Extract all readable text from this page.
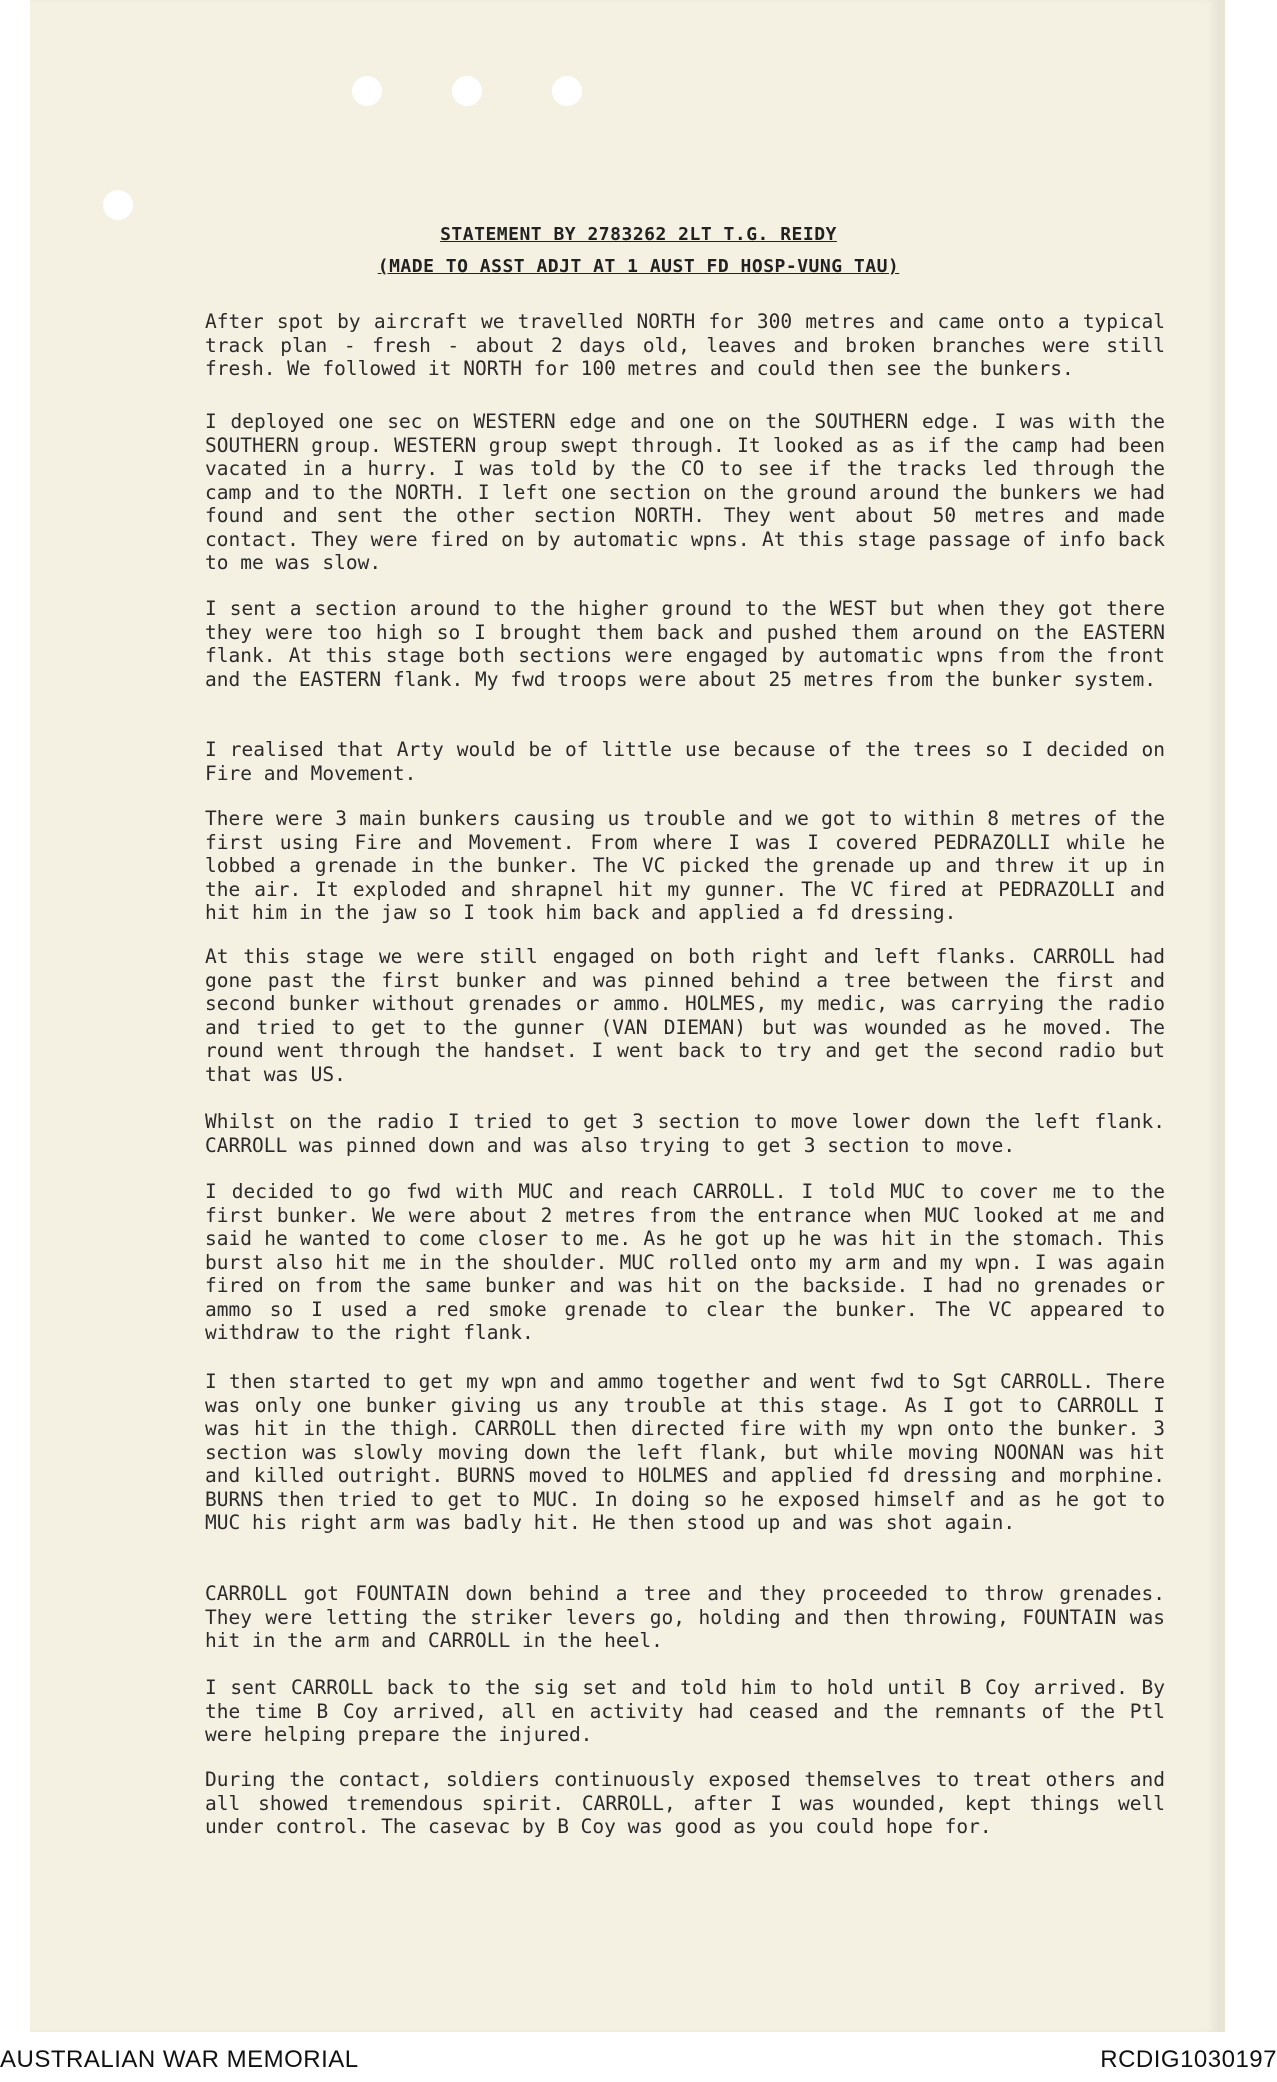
STATEMENT BY 2783262 2LT T.G. REIDY
(MADE TO ASST ADJT AT 1 AUST FD HOSP-VUNG TAU)
After spot by aircraft we travelled NORTH for 300 metres and came onto a typical track plan - fresh - about 2 days old, leaves and broken branches were still fresh. We followed it NORTH for 100 metres and could then see the bunkers.
I deployed one sec on WESTERN edge and one on the SOUTHERN edge. I was with the SOUTHERN group. WESTERN group swept through. It looked as as if the camp had been vacated in a hurry. I was told by the CO to see if the tracks led through the camp and to the NORTH. I left one section on the ground around the bunkers we had found and sent the other section NORTH. They went about 50 metres and made contact. They were fired on by automatic wpns. At this stage passage of info back to me was slow.
I sent a section around to the higher ground to the WEST but when they got there they were too high so I brought them back and pushed them around on the EASTERN flank. At this stage both sections were engaged by automatic wpns from the front and the EASTERN flank. My fwd troops were about 25 metres from the bunker system.
I realised that Arty would be of little use because of the trees so I decided on Fire and Movement.
There were 3 main bunkers causing us trouble and we got to within 8 metres of the first using Fire and Movement. From where I was I covered PEDRAZOLLI while he lobbed a grenade in the bunker. The VC picked the grenade up and threw it up in the air. It exploded and shrapnel hit my gunner. The VC fired at PEDRAZOLLI and hit him in the jaw so I took him back and applied a fd dressing.
At this stage we were still engaged on both right and left flanks. CARROLL had gone past the first bunker and was pinned behind a tree between the first and second bunker without grenades or ammo. HOLMES, my medic, was carrying the radio and tried to get to the gunner (VAN DIEMAN) but was wounded as he moved. The round went through the handset. I went back to try and get the second radio but that was US.
Whilst on the radio I tried to get 3 section to move lower down the left flank. CARROLL was pinned down and was also trying to get 3 section to move.
I decided to go fwd with MUC and reach CARROLL. I told MUC to cover me to the first bunker. We were about 2 metres from the entrance when MUC looked at me and said he wanted to come closer to me. As he got up he was hit in the stomach. This burst also hit me in the shoulder. MUC rolled onto my arm and my wpn. I was again fired on from the same bunker and was hit on the backside. I had no grenades or ammo so I used a red smoke grenade to clear the bunker. The VC appeared to withdraw to the right flank.
I then started to get my wpn and ammo together and went fwd to Sgt CARROLL. There was only one bunker giving us any trouble at this stage. As I got to CARROLL I was hit in the thigh. CARROLL then directed fire with my wpn onto the bunker. 3 section was slowly moving down the left flank, but while moving NOONAN was hit and killed outright. BURNS moved to HOLMES and applied fd dressing and morphine. BURNS then tried to get to MUC. In doing so he exposed himself and as he got to MUC his right arm was badly hit. He then stood up and was shot again.
CARROLL got FOUNTAIN down behind a tree and they proceeded to throw grenades. They were letting the striker levers go, holding and then throwing, FOUNTAIN was hit in the arm and CARROLL in the heel.
I sent CARROLL back to the sig set and told him to hold until B Coy arrived. By the time B Coy arrived, all en activity had ceased and the remnants of the Ptl were helping prepare the injured.
During the contact, soldiers continuously exposed themselves to treat others and all showed tremendous spirit. CARROLL, after I was wounded, kept things well under control. The casevac by B Coy was good as you could hope for.
AUSTRALIAN WAR MEMORIAL	RCDIG1030197
